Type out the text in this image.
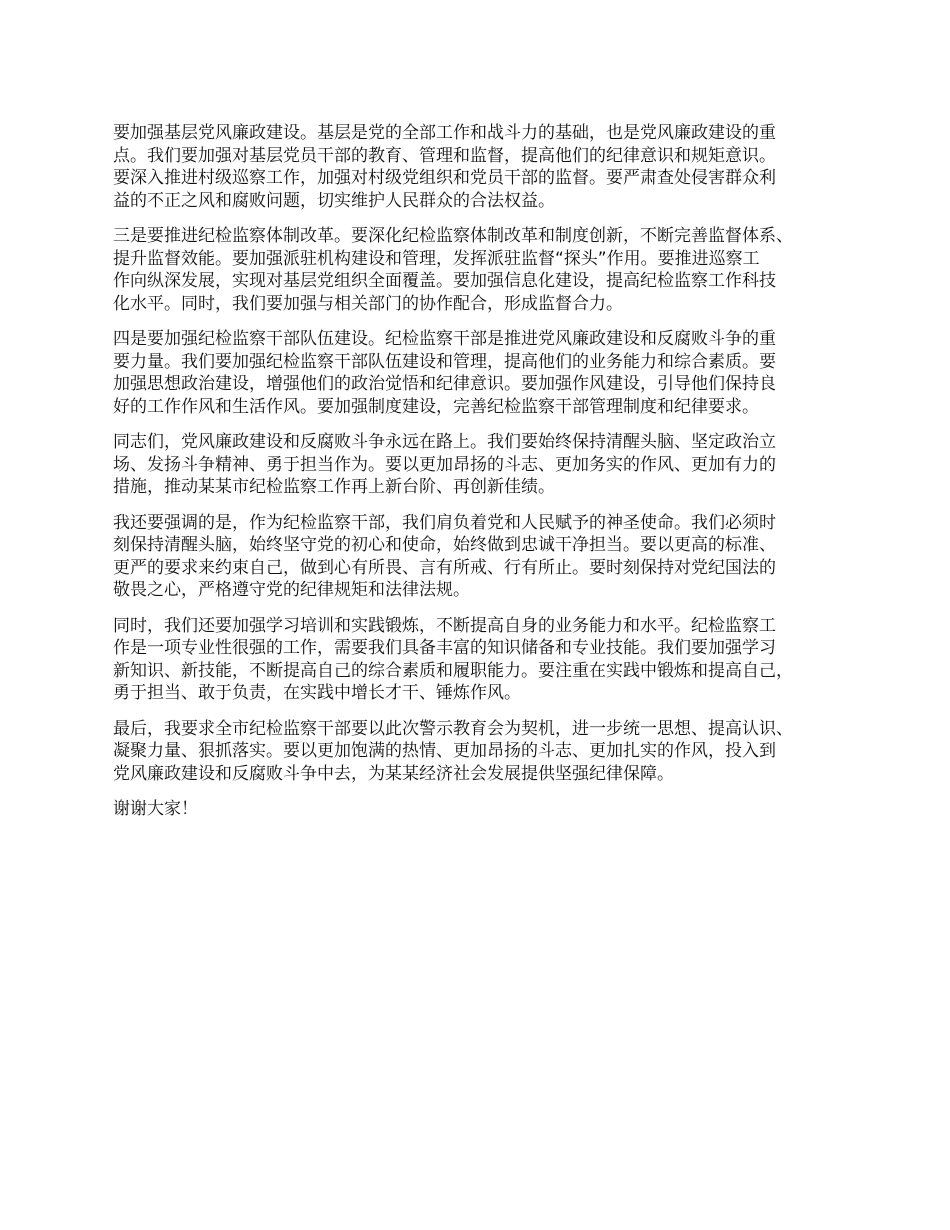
要加强基层党风廉政建设。基层是党的全部工作和战斗力的基础，也是党风廉政建设的重
点。我们要加强对基层党员干部的教育、管理和监督，提高他们的纪律意识和规矩意识。
要深入推进村级巡察工作，加强对村级党组织和党员干部的监督。要严肃查处侵害群众利
益的不正之风和腐败问题，切实维护人民群众的合法权益。

三是要推进纪检监察体制改革。要深化纪检监察体制改革和制度创新，不断完善监督体系、
提升监督效能。要加强派驻机构建设和管理，发挥派驻监督“探头”作用。要推进巡察工
作向纵深发展，实现对基层党组织全面覆盖。要加强信息化建设，提高纪检监察工作科技
化水平。同时，我们要加强与相关部门的协作配合，形成监督合力。

四是要加强纪检监察干部队伍建设。纪检监察干部是推进党风廉政建设和反腐败斗争的重
要力量。我们要加强纪检监察干部队伍建设和管理，提高他们的业务能力和综合素质。要
加强思想政治建设，增强他们的政治觉悟和纪律意识。要加强作风建设，引导他们保持良
好的工作作风和生活作风。要加强制度建设，完善纪检监察干部管理制度和纪律要求。

同志们，党风廉政建设和反腐败斗争永远在路上。我们要始终保持清醒头脑、坚定政治立
场、发扬斗争精神、勇于担当作为。要以更加昂扬的斗志、更加务实的作风、更加有力的
措施，推动某某市纪检监察工作再上新台阶、再创新佳绩。

我还要强调的是，作为纪检监察干部，我们肩负着党和人民赋予的神圣使命。我们必须时
刻保持清醒头脑，始终坚守党的初心和使命，始终做到忠诚干净担当。要以更高的标准、
更严的要求来约束自己，做到心有所畏、言有所戒、行有所止。要时刻保持对党纪国法的
敬畏之心，严格遵守党的纪律规矩和法律法规。

同时，我们还要加强学习培训和实践锻炼，不断提高自身的业务能力和水平。纪检监察工
作是一项专业性很强的工作，需要我们具备丰富的知识储备和专业技能。我们要加强学习
新知识、新技能，不断提高自己的综合素质和履职能力。要注重在实践中锻炼和提高自己，
勇于担当、敢于负责，在实践中增长才干、锤炼作风。

最后，我要求全市纪检监察干部要以此次警示教育会为契机，进一步统一思想、提高认识、
凝聚力量、狠抓落实。要以更加饱满的热情、更加昂扬的斗志、更加扎实的作风，投入到
党风廉政建设和反腐败斗争中去，为某某经济社会发展提供坚强纪律保障。

谢谢大家！
